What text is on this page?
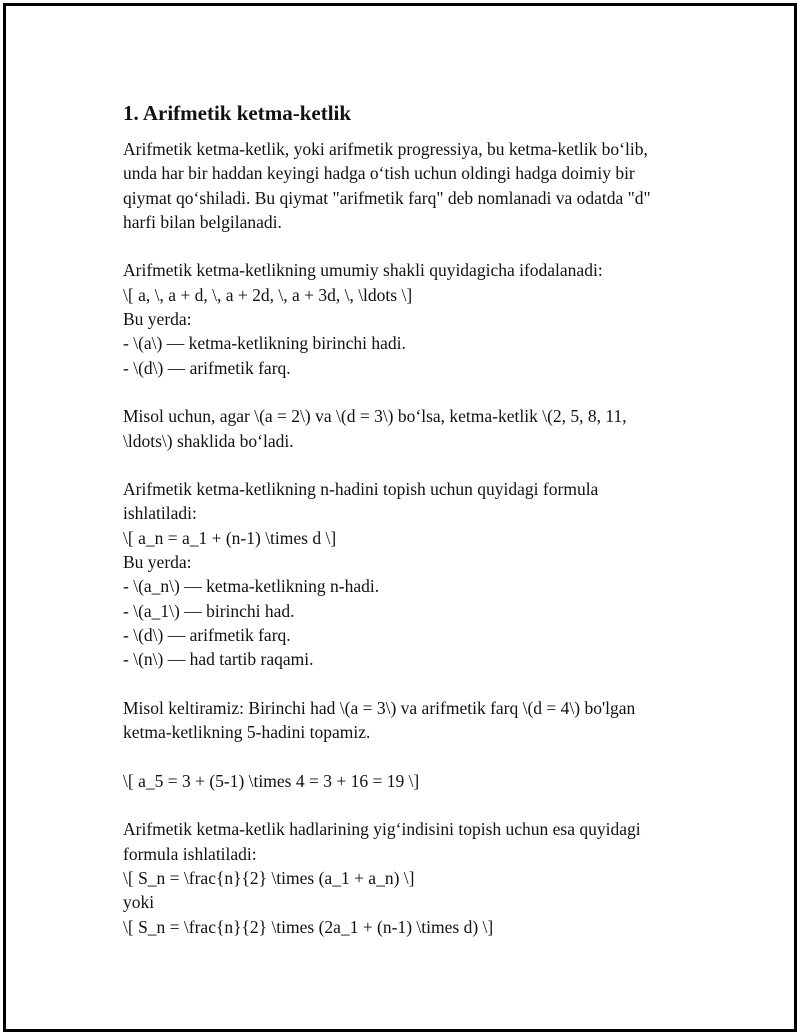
1. Arifmetik ketma-ketlik
Arifmetik ketma-ketlik, yoki arifmetik progressiya, bu ketma-ketlik bo‘lib,
unda har bir haddan keyingi hadga o‘tish uchun oldingi hadga doimiy bir
qiymat qo‘shiladi. Bu qiymat "arifmetik farq" deb nomlanadi va odatda "d"
harfi bilan belgilanadi.
Arifmetik ketma-ketlikning umumiy shakli quyidagicha ifodalanadi:
\[ a, \, a + d, \, a + 2d, \, a + 3d, \, \ldots \]
Bu yerda:
- \(a\) — ketma-ketlikning birinchi hadi.
- \(d\) — arifmetik farq.
Misol uchun, agar \(a = 2\) va \(d = 3\) bo‘lsa, ketma-ketlik \(2, 5, 8, 11,
\ldots\) shaklida bo‘ladi.
Arifmetik ketma-ketlikning n-hadini topish uchun quyidagi formula
ishlatiladi:
\[ a_n = a_1 + (n-1) \times d \]
Bu yerda:
- \(a_n\) — ketma-ketlikning n-hadi.
- \(a_1\) — birinchi had.
- \(d\) — arifmetik farq.
- \(n\) — had tartib raqami.
Misol keltiramiz: Birinchi had \(a = 3\) va arifmetik farq \(d = 4\) bo'lgan
ketma-ketlikning 5-hadini topamiz.
\[ a_5 = 3 + (5-1) \times 4 = 3 + 16 = 19 \]
Arifmetik ketma-ketlik hadlarining yig‘indisini topish uchun esa quyidagi
formula ishlatiladi:
\[ S_n = \frac{n}{2} \times (a_1 + a_n) \]
yoki
\[ S_n = \frac{n}{2} \times (2a_1 + (n-1) \times d) \]
